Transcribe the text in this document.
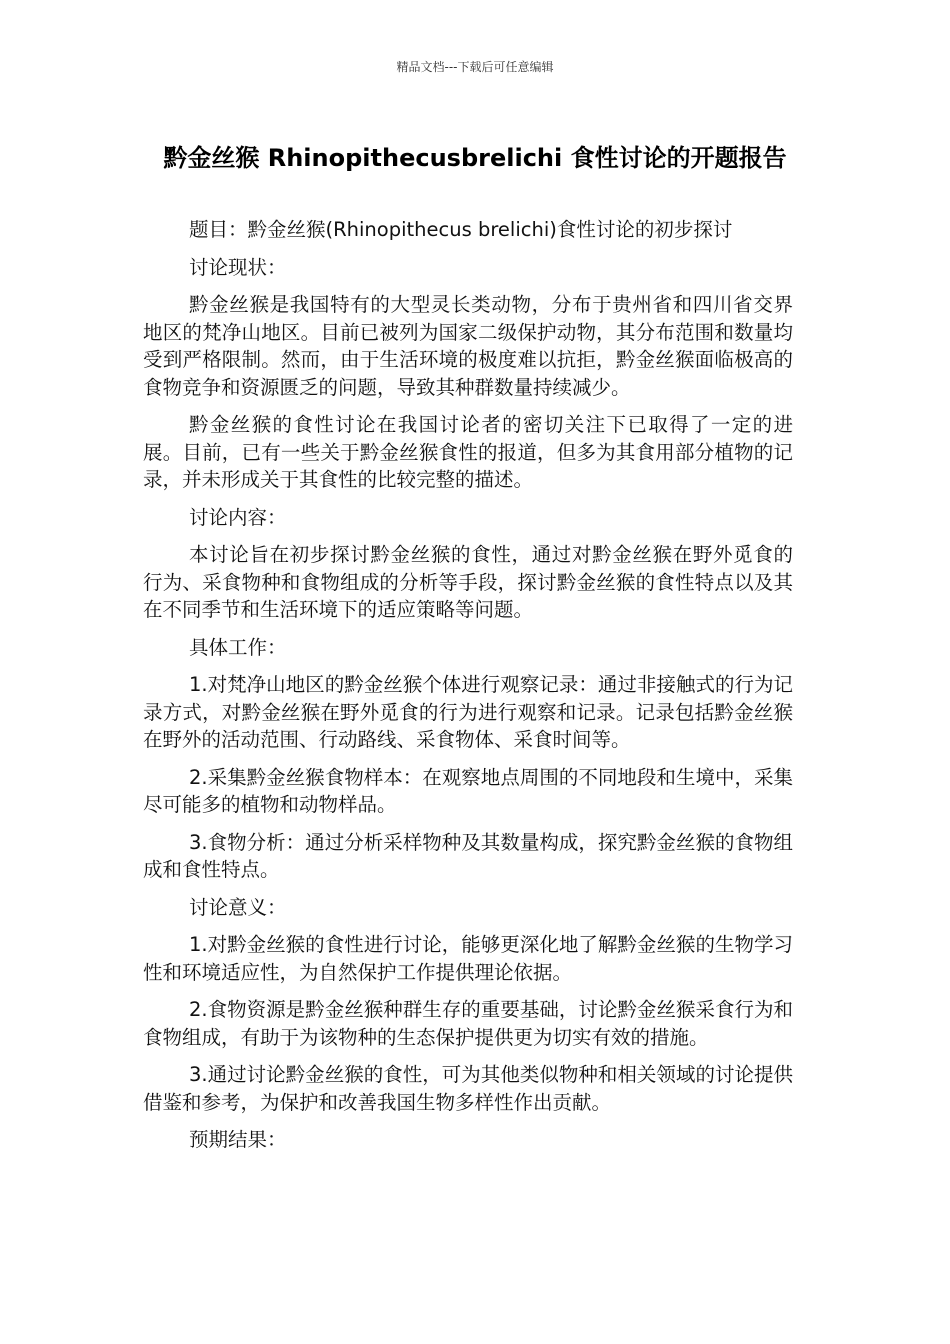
精品文档---下载后可任意编辑
黔金丝猴 Rhinopithecusbrelichi 食性讨论的开题报告

题目：黔金丝猴(Rhinopithecus brelichi)食性讨论的初步探讨

讨论现状：

黔金丝猴是我国特有的大型灵长类动物，分布于贵州省和四川省交界地区的梵净山地区。目前已被列为国家二级保护动物，其分布范围和数量均受到严格限制。然而，由于生活环境的极度难以抗拒，黔金丝猴面临极高的食物竞争和资源匮乏的问题，导致其种群数量持续减少。

黔金丝猴的食性讨论在我国讨论者的密切关注下已取得了一定的进展。目前，已有一些关于黔金丝猴食性的报道，但多为其食用部分植物的记录，并未形成关于其食性的比较完整的描述。

讨论内容：

本讨论旨在初步探讨黔金丝猴的食性，通过对黔金丝猴在野外觅食的行为、采食物种和食物组成的分析等手段，探讨黔金丝猴的食性特点以及其在不同季节和生活环境下的适应策略等问题。

具体工作：

1.对梵净山地区的黔金丝猴个体进行观察记录：通过非接触式的行为记录方式，对黔金丝猴在野外觅食的行为进行观察和记录。记录包括黔金丝猴在野外的活动范围、行动路线、采食物体、采食时间等。

2.采集黔金丝猴食物样本：在观察地点周围的不同地段和生境中，采集尽可能多的植物和动物样品。

3.食物分析：通过分析采样物种及其数量构成，探究黔金丝猴的食物组成和食性特点。

讨论意义：

1.对黔金丝猴的食性进行讨论，能够更深化地了解黔金丝猴的生物学习性和环境适应性，为自然保护工作提供理论依据。

2.食物资源是黔金丝猴种群生存的重要基础，讨论黔金丝猴采食行为和食物组成，有助于为该物种的生态保护提供更为切实有效的措施。

3.通过讨论黔金丝猴的食性，可为其他类似物种和相关领域的讨论提供借鉴和参考，为保护和改善我国生物多样性作出贡献。

预期结果：
